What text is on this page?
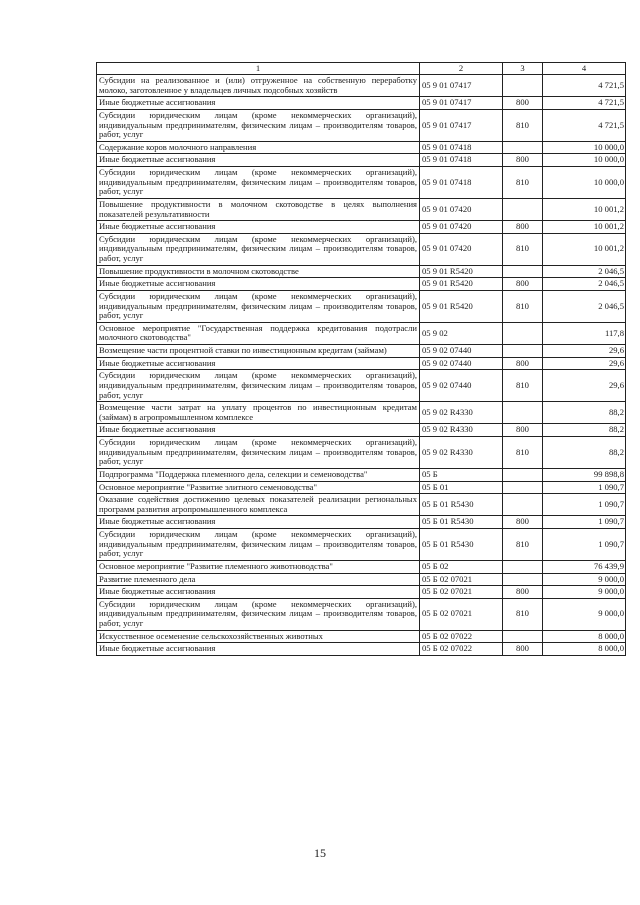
1	2	3	4
Субсидии на реализованное и (или) отгруженное на собственную переработку молоко, заготовленное у владельцев личных подсобных хозяйств	05 9 01 07417		4 721,5
Иные бюджетные ассигнования	05 9 01 07417	800	4 721,5
Субсидии юридическим лицам (кроме некоммерческих организаций), индивидуальным предпринимателям, физическим лицам – производителям товаров, работ, услуг	05 9 01 07417	810	4 721,5
Содержание коров молочного направления	05 9 01 07418		10 000,0
Иные бюджетные ассигнования	05 9 01 07418	800	10 000,0
Субсидии юридическим лицам (кроме некоммерческих организаций), индивидуальным предпринимателям, физическим лицам – производителям товаров, работ, услуг	05 9 01 07418	810	10 000,0
Повышение продуктивности в молочном скотоводстве в целях выполнения показателей результативности	05 9 01 07420		10 001,2
Иные бюджетные ассигнования	05 9 01 07420	800	10 001,2
Субсидии юридическим лицам (кроме некоммерческих организаций), индивидуальным предпринимателям, физическим лицам – производителям товаров, работ, услуг	05 9 01 07420	810	10 001,2
Повышение продуктивности в молочном скотоводстве	05 9 01 R5420		2 046,5
Иные бюджетные ассигнования	05 9 01 R5420	800	2 046,5
Субсидии юридическим лицам (кроме некоммерческих организаций), индивидуальным предпринимателям, физическим лицам – производителям товаров, работ, услуг	05 9 01 R5420	810	2 046,5
Основное мероприятие "Государственная поддержка кредитования подотрасли молочного скотоводства"	05 9 02		117,8
Возмещение части процентной ставки по инвестиционным кредитам (займам)	05 9 02 07440		29,6
Иные бюджетные ассигнования	05 9 02 07440	800	29,6
Субсидии юридическим лицам (кроме некоммерческих организаций), индивидуальным предпринимателям, физическим лицам – производителям товаров, работ, услуг	05 9 02 07440	810	29,6
Возмещение части затрат на уплату процентов по инвестиционным кредитам (займам) в агропромышленном комплексе	05 9 02 R4330		88,2
Иные бюджетные ассигнования	05 9 02 R4330	800	88,2
Субсидии юридическим лицам (кроме некоммерческих организаций), индивидуальным предпринимателям, физическим лицам – производителям товаров, работ, услуг	05 9 02 R4330	810	88,2
Подпрограмма "Поддержка племенного дела, селекции и семеноводства"	05 Б		99 898,8
Основное мероприятие "Развитие элитного семеноводства"	05 Б 01		1 090,7
Оказание содействия достижению целевых показателей реализации региональных программ развития агропромышленного комплекса	05 Б 01 R5430		1 090,7
Иные бюджетные ассигнования	05 Б 01 R5430	800	1 090,7
Субсидии юридическим лицам (кроме некоммерческих организаций), индивидуальным предпринимателям, физическим лицам – производителям товаров, работ, услуг	05 Б 01 R5430	810	1 090,7
Основное мероприятие "Развитие племенного животноводства"	05 Б 02		76 439,9
Развитие племенного дела	05 Б 02 07021		9 000,0
Иные бюджетные ассигнования	05 Б 02 07021	800	9 000,0
Субсидии юридическим лицам (кроме некоммерческих организаций), индивидуальным предпринимателям, физическим лицам – производителям товаров, работ, услуг	05 Б 02 07021	810	9 000,0
Искусственное осеменение сельскохозяйственных животных	05 Б 02 07022		8 000,0
Иные бюджетные ассигнования	05 Б 02 07022	800	8 000,0
15
